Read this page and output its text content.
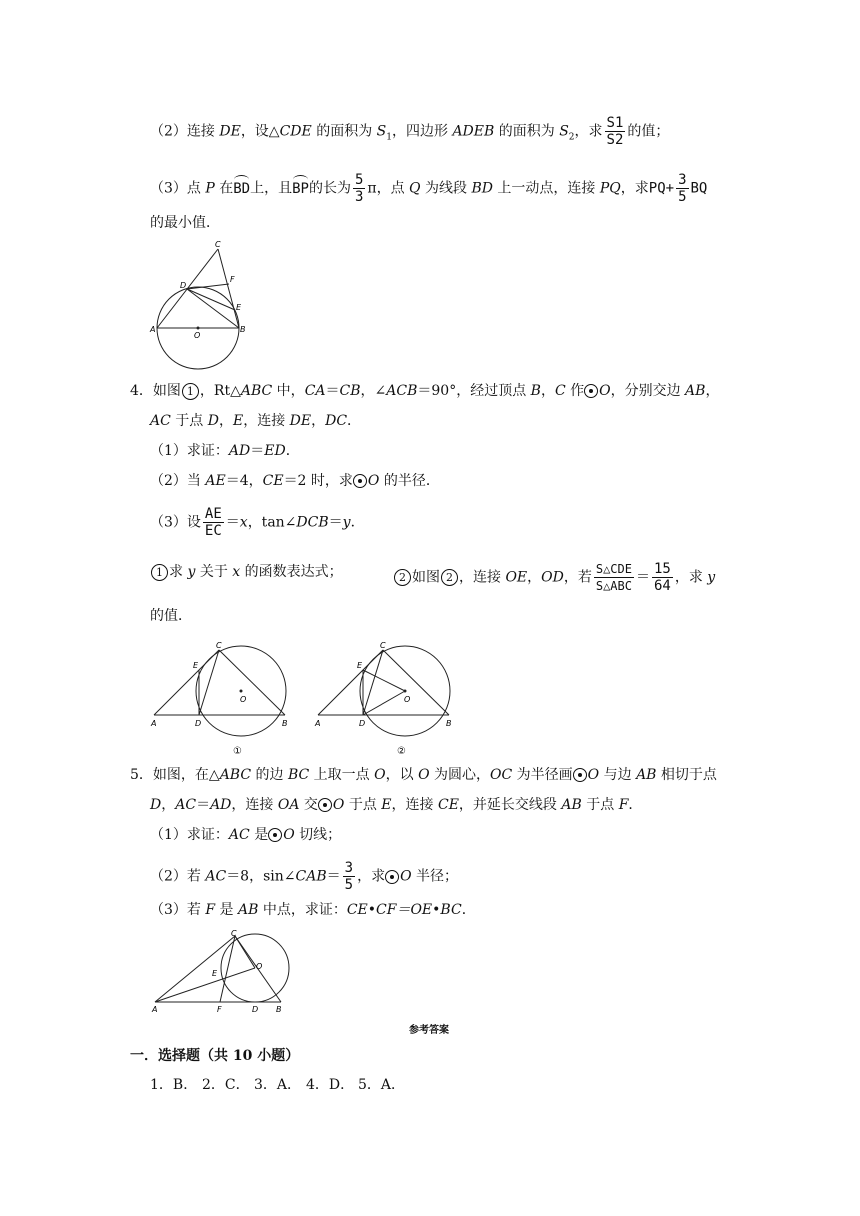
（2）连接 DE，设△CDE 的面积为 $S_1$，四边形 ADEB 的面积为 $S_2$，求 $\frac{S1}{S2}$ 的值；
（3）点 P 在BD上，且BP的长为 $\frac{5}{3}$ π，点 Q 为线段 BD 上一动点，连接 PQ，求$PQ+ \frac{3}{5}$ BQ
的最小值．
C
D
F
E
A	B
O
4．如图 1 ，Rt△ABC 中，CA＝CB，∠ACB＝90°，经过顶点 B，C 作 O，分别交边 AB，
AC 于点 D，E，连接 DE，DC．
（1）求证：AD＝ED．
（2）当 AE＝4，CE＝2 时，求 O 的半径．
（3）设 $\frac{AE}{EC} =x$，tan∠DCB＝y．
1 求 y 关于 x 的函数表达式；	2 如图 2 ，连接 OE，OD，若 $\frac{\text{S△CDE}}{\text{S△ABC}} = \frac{15}{64}$ ，求 y
的值．
C
E
O
A	D	B
①
C
E
O
A	D	B
②
5．如图，在△ABC 的边 BC 上取一点 O，以 O 为圆心，OC 为半径画 O 与边 AB 相切于点
D，AC＝AD，连接 OA 交 O 于点 E，连接 CE，并延长交线段 AB 于点 F．
（1）求证：AC 是 O 切线；
（2）若 AC＝8，sin∠CAB＝ $\frac{3}{5}$ ，求 O 半径；
（3）若 F 是 AB 中点，求证：CE•CF＝OE•BC．
C
O
E
A	F	D B
参考答案
一．选择题（共 10 小题）
1．B． 2．C． 3．A． 4．D． 5．A．
